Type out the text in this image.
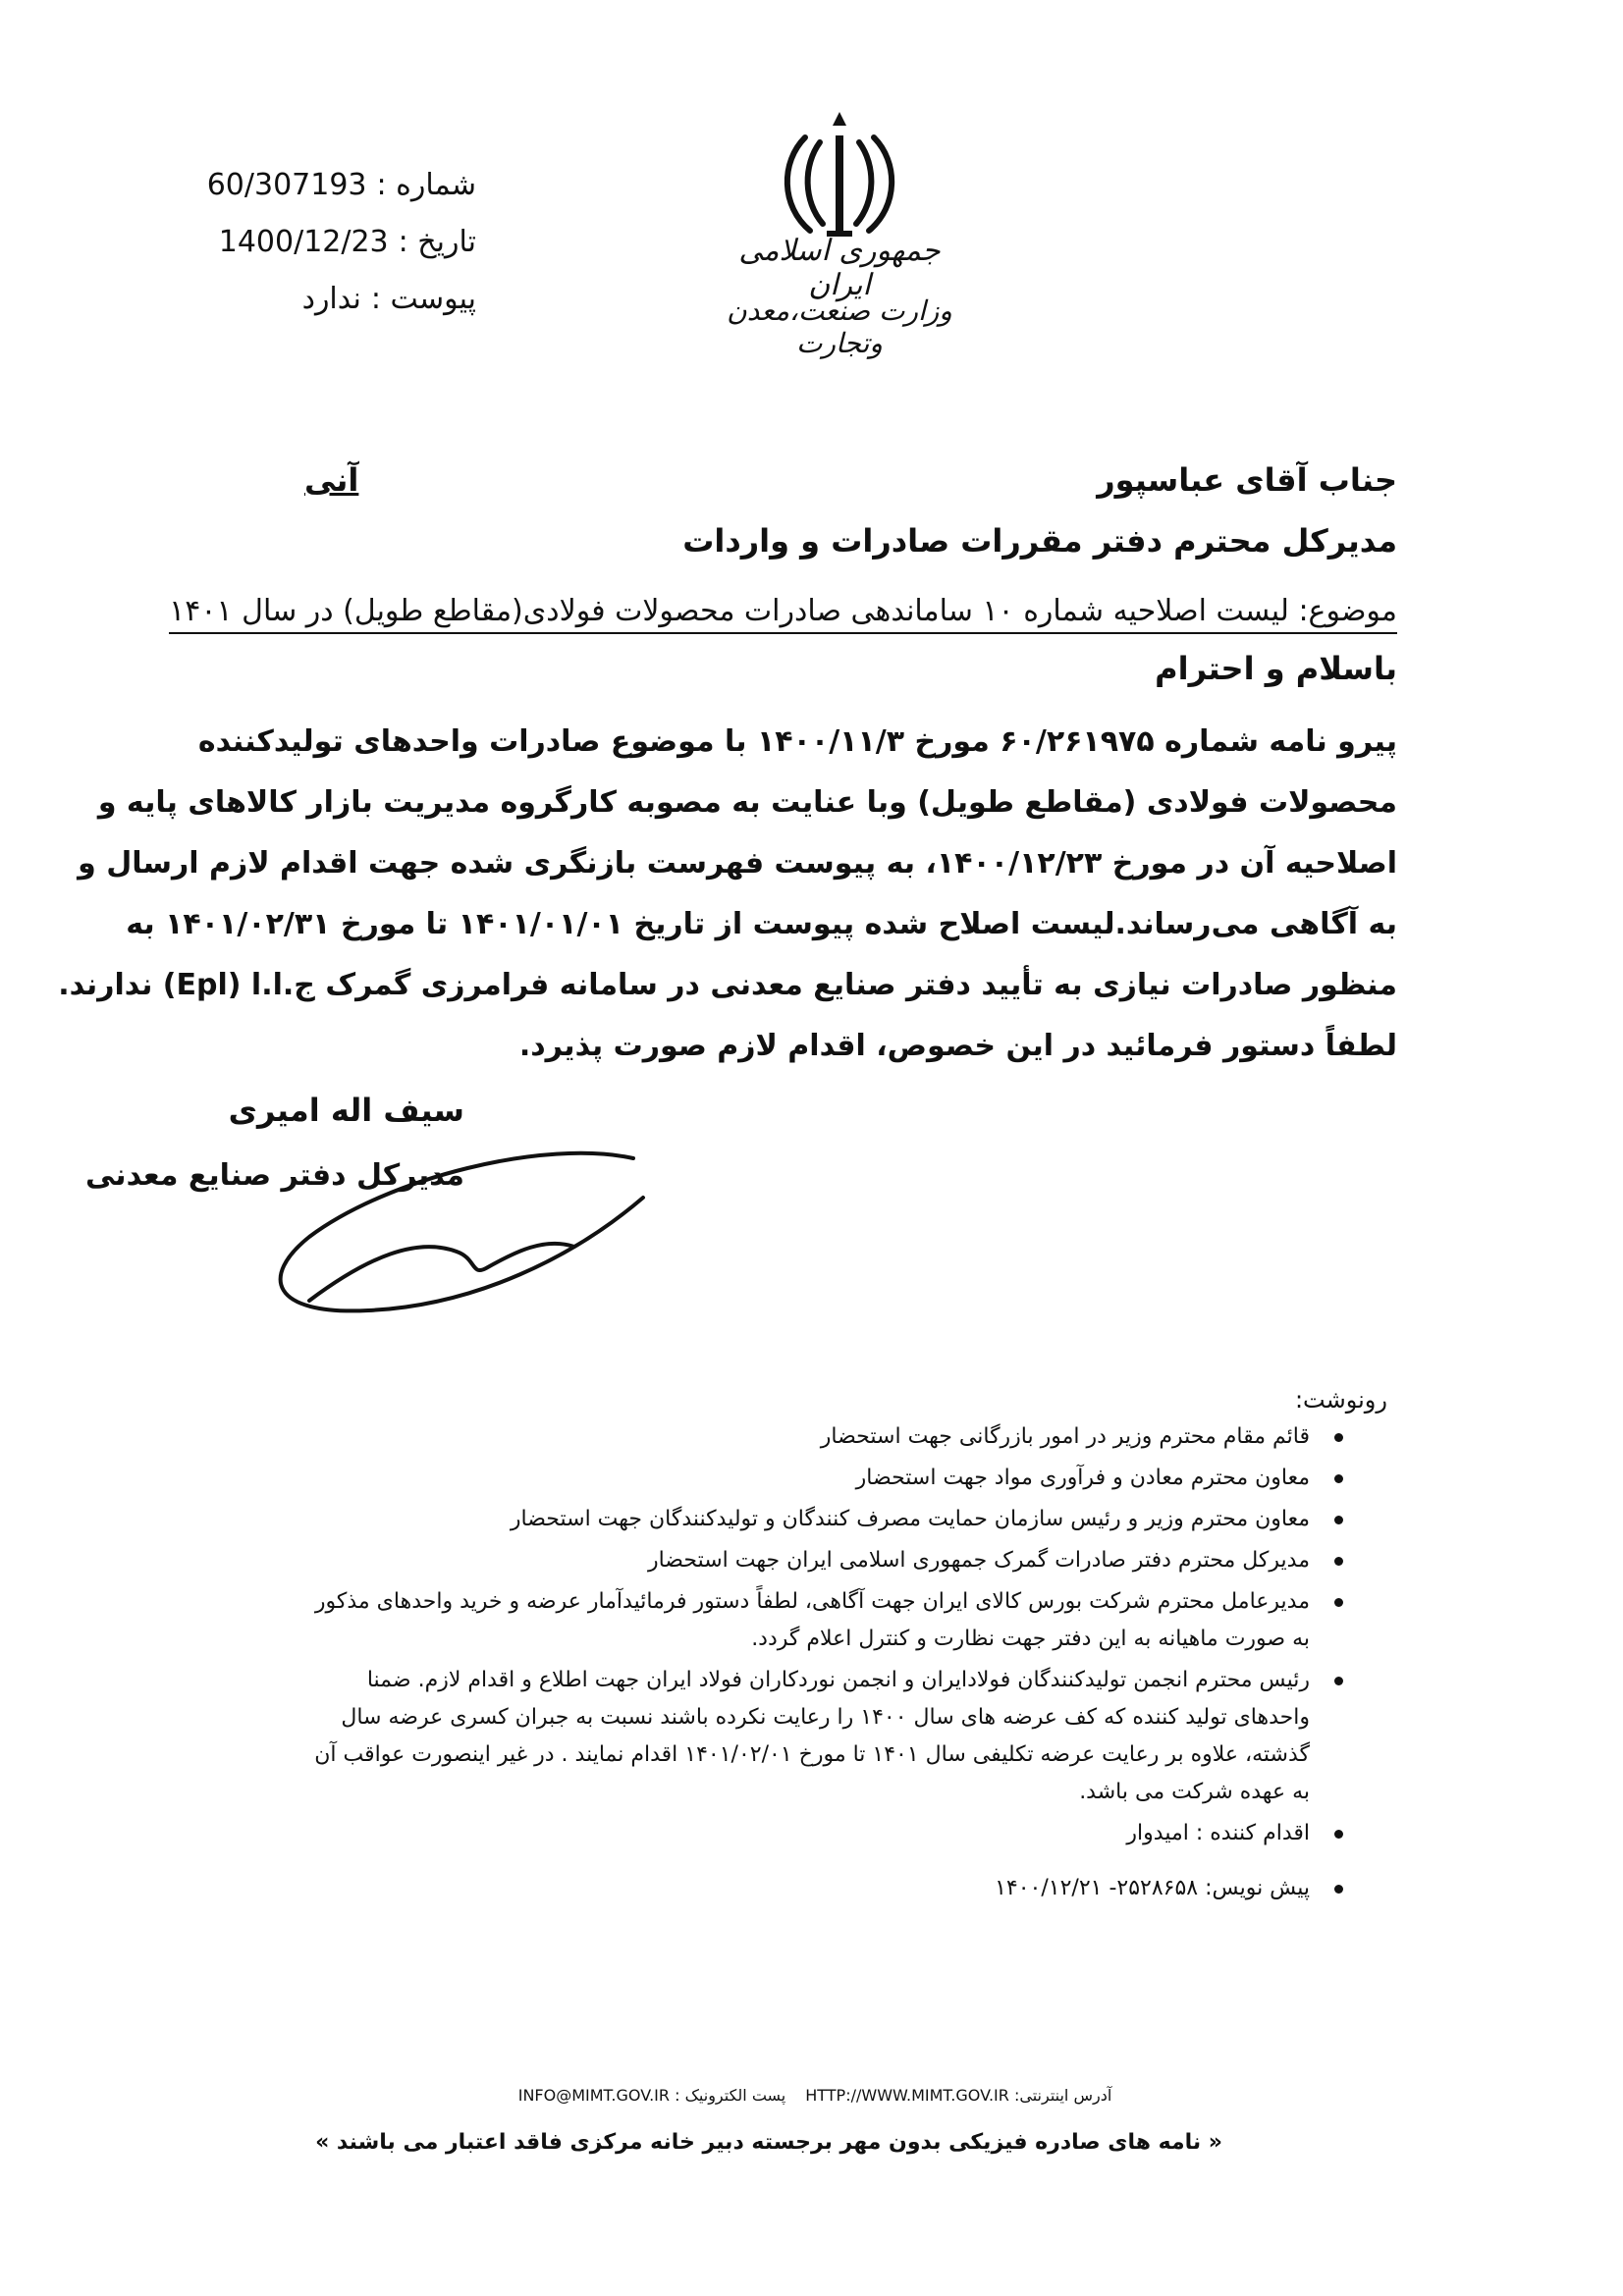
شماره :
60/307193
تاریخ :
1400/12/23
پیوست :
ندارد
جمهوری اسلامی ایران
وزارت صنعت،معدن وتجارت
آنی	جناب آقای عباسپور
مدیرکل محترم دفتر مقررات صادرات و واردات
موضوع: لیست اصلاحیه شماره ۱۰ ساماندهی صادرات محصولات فولادی(مقاطع طویل) در سال ۱۴۰۱
باسلام و احترام
پیرو نامه شماره ۶۰/۲۶۱۹۷۵ مورخ ۱۴۰۰/۱۱/۳ با موضوع صادرات واحدهای تولیدکننده
محصولات فولادی (مقاطع طویل) وبا عنایت به مصوبه کارگروه مدیریت بازار کالاهای پایه و
اصلاحیه آن در مورخ ۱۴۰۰/۱۲/۲۳، به پیوست فهرست بازنگری شده جهت اقدام لازم ارسال و
به آگاهی می‌رساند.لیست اصلاح شده پیوست از تاریخ ۱۴۰۱/۰۱/۰۱ تا مورخ ۱۴۰۱/۰۲/۳۱ به
منظور صادرات نیازی به تأیید دفتر صنایع معدنی در سامانه فرامرزی گمرک ج.ا.ا (Epl) ندارند.
لطفاً دستور فرمائید در این خصوص، اقدام لازم صورت پذیرد.
سیف اله امیری
مدیرکل دفتر صنایع معدنی
رونوشت:
قائم مقام محترم وزیر در امور بازرگانی جهت استحضار
معاون محترم معادن و فرآوری مواد جهت استحضار
معاون محترم وزیر و رئیس سازمان حمایت مصرف کنندگان و تولیدکنندگان جهت استحضار
مدیرکل محترم دفتر صادرات گمرک جمهوری اسلامی ایران جهت استحضار
مدیرعامل محترم شرکت بورس کالای ایران جهت آگاهی، لطفاً دستور فرمائیدآمار عرضه و خرید واحدهای مذکور به صورت ماهیانه به این دفتر جهت نظارت و کنترل اعلام گردد.
رئیس محترم انجمن تولیدکنندگان فولادایران و انجمن نوردکاران فولاد ایران جهت اطلاع و اقدام لازم. ضمنا واحدهای تولید کننده که کف عرضه های سال ۱۴۰۰ را رعایت نکرده باشند نسبت به جبران کسری عرضه سال گذشته، علاوه بر رعایت عرضه تکلیفی سال ۱۴۰۱ تا مورخ ۱۴۰۱/۰۲/۰۱ اقدام نمایند . در غیر اینصورت عواقب آن به عهده شرکت می باشد.
اقدام کننده : امیدوار
پیش نویس: ۲۵۲۸۶۵۸- ۱۴۰۰/۱۲/۲۱
آدرس اینترنتی: HTTP://WWW.MIMT.GOV.IR
پست الکترونیک : INFO@MIMT.GOV.IR
« نامه های صادره فیزیکی بدون مهر برجسته دبیر خانه مرکزی فاقد اعتبار می باشند »
